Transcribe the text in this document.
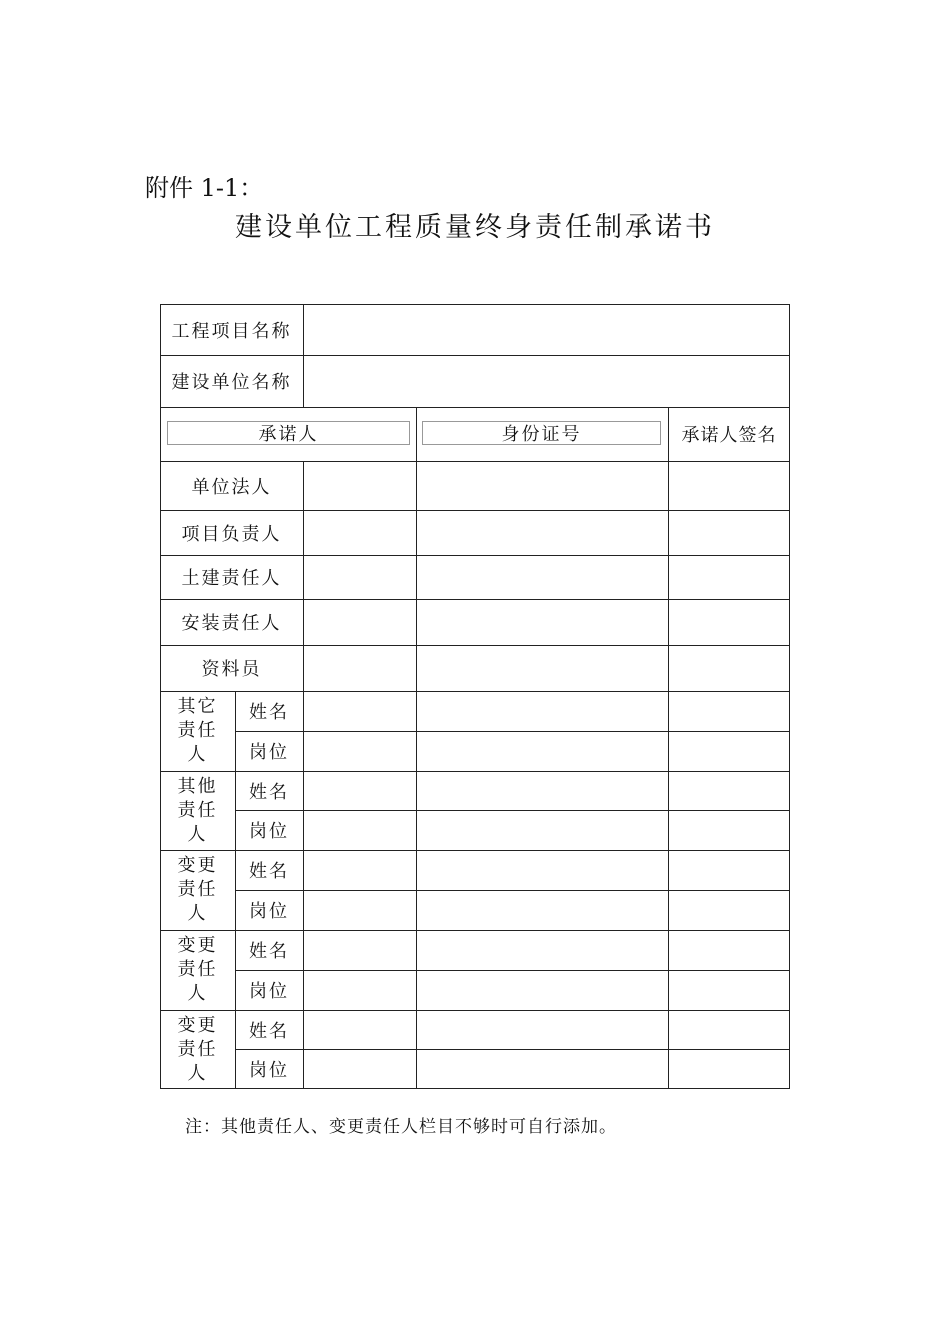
附件 1-1：
建设单位工程质量终身责任制承诺书
工程项目名称
建设单位名称
承诺人	身份证号	承诺人签名
单位法人
项目负责人
土建责任人
安装责任人
资料员
其它
责任
人
姓名
岗位
其他
责任
人
姓名
岗位
变更
责任
人
姓名
岗位
变更
责任
人
姓名
岗位
变更
责任
人
姓名
岗位
注：其他责任人、变更责任人栏目不够时可自行添加。
